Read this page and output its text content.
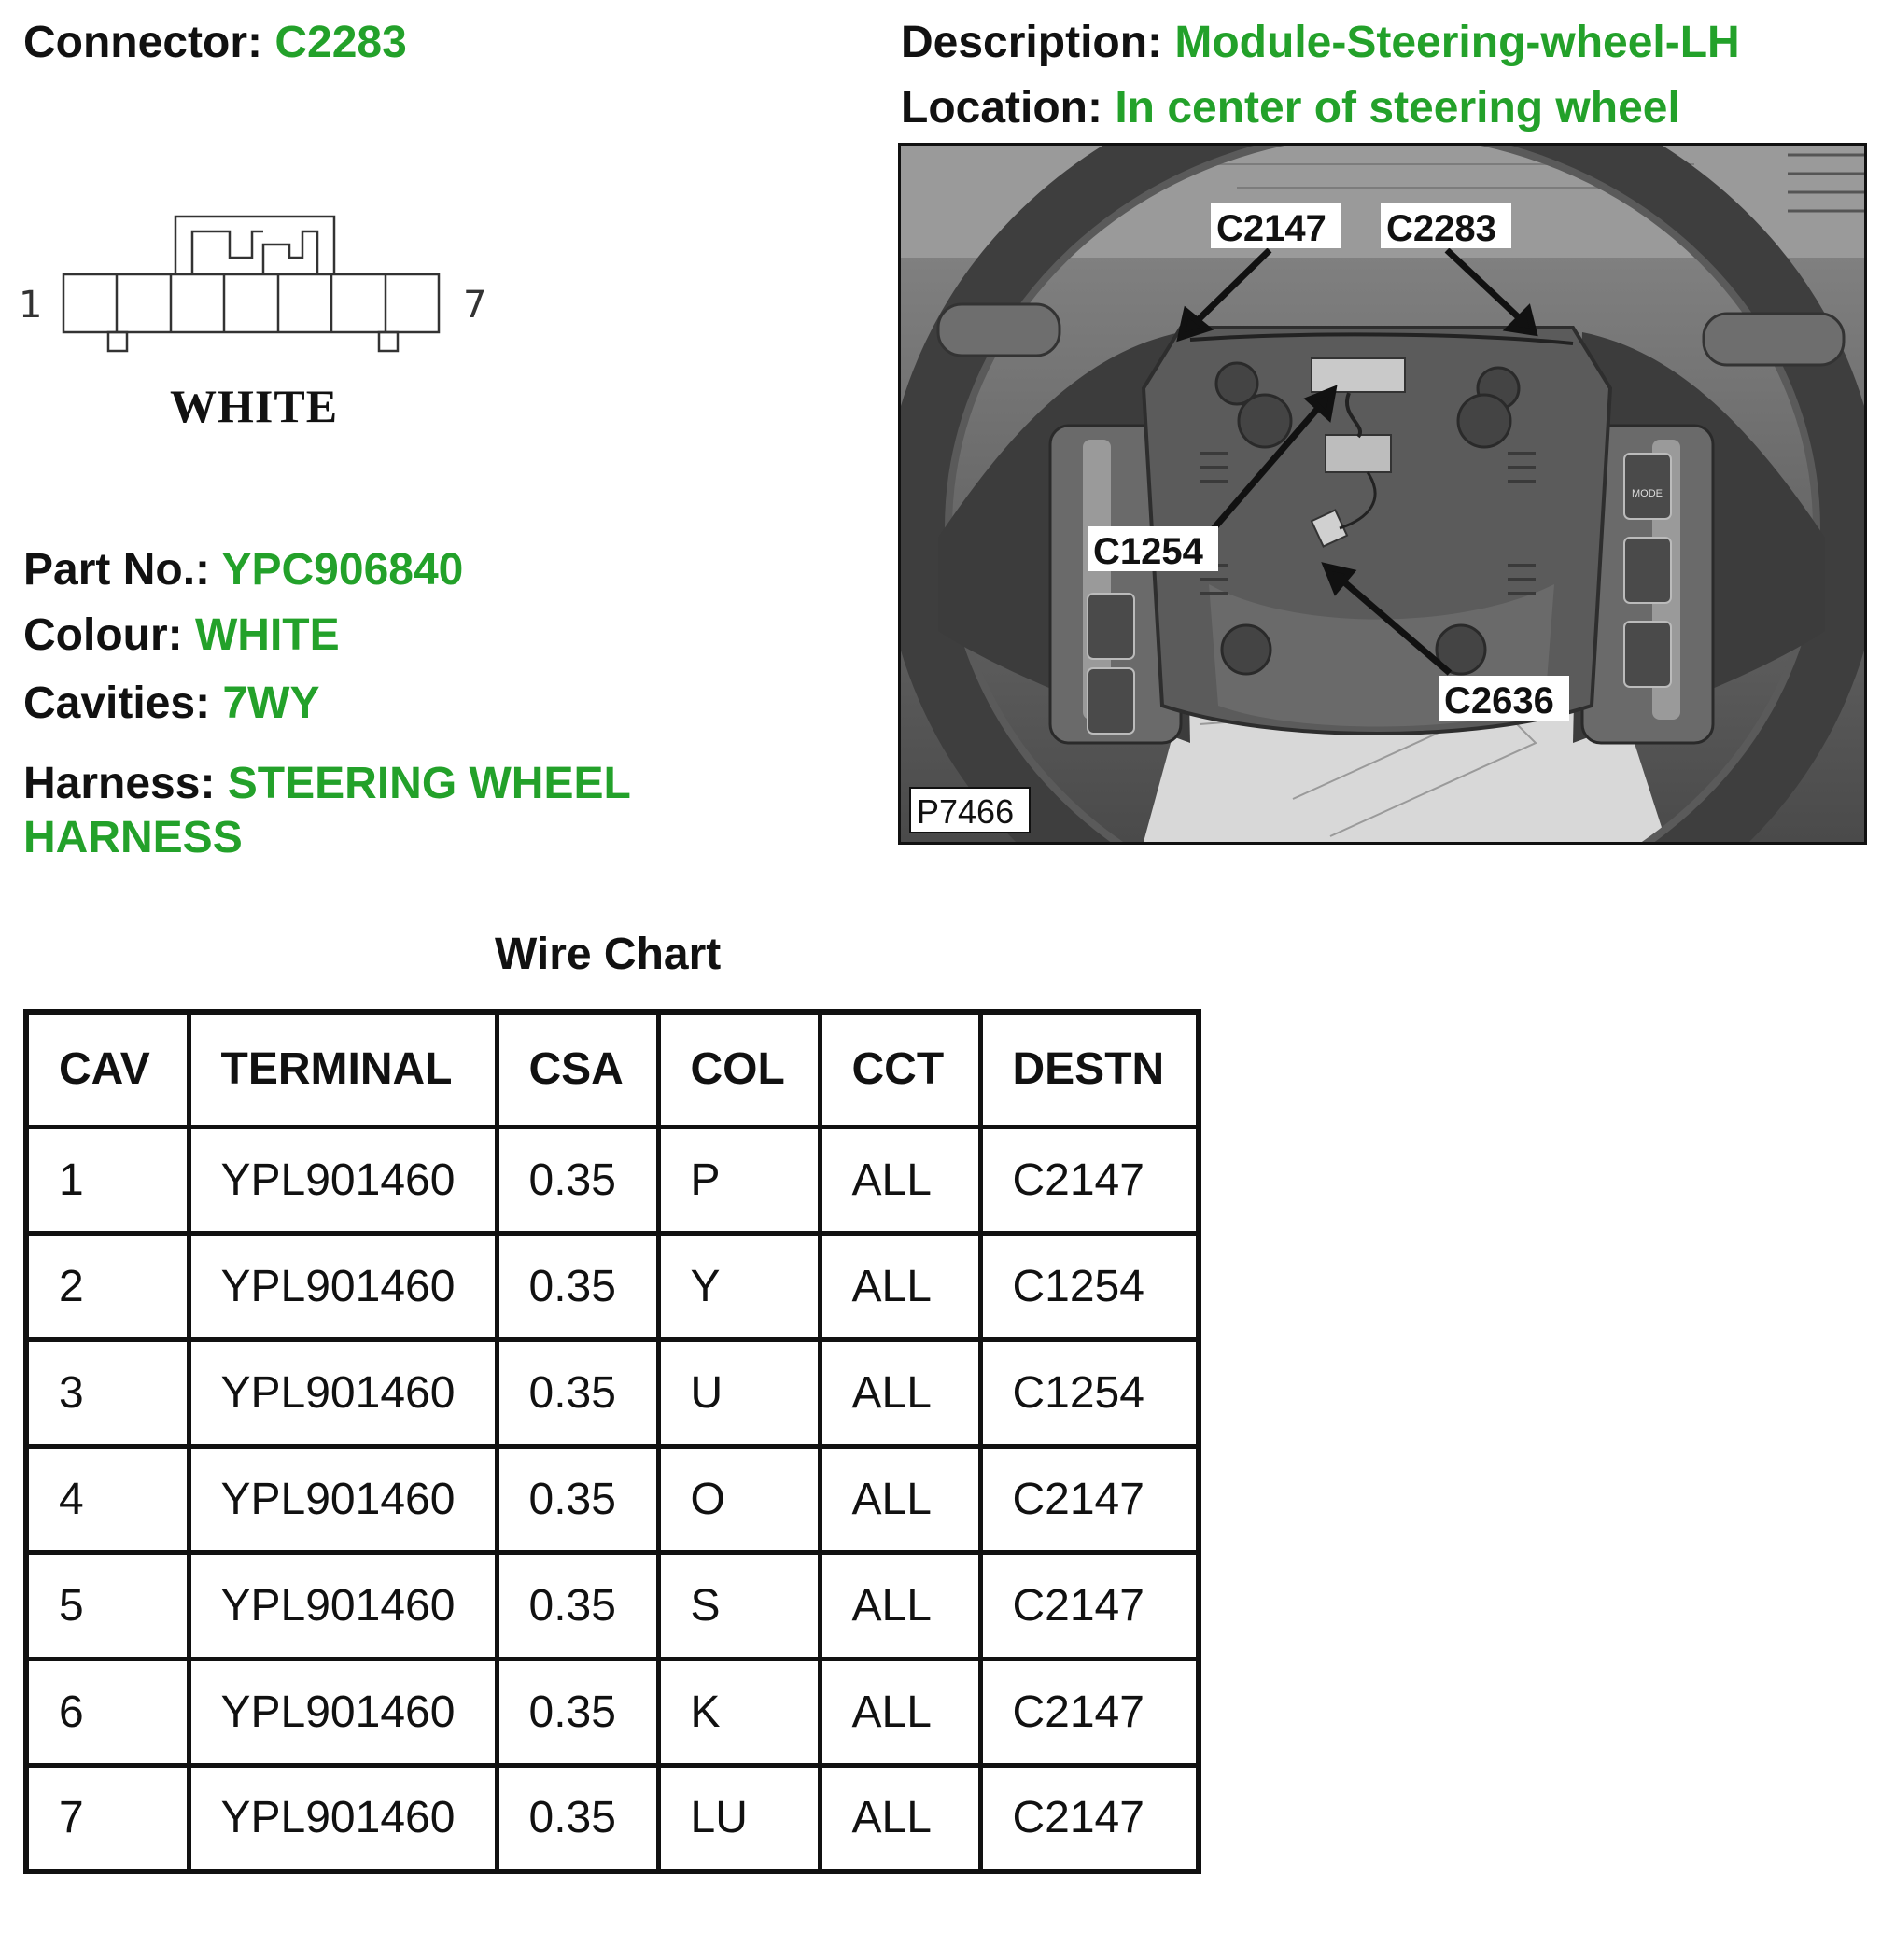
Connector: C2283	Description: Module-Steering-wheel-LH
Location: In center of steering wheel
1	7
WHITE
Part No.: YPC906840
Colour: WHITE
Cavities: 7WY
Harness: STEERING WHEEL
HARNESS
MODE
C2147 C2283
C1254
C2636
P7466
Wire Chart
CAV	TERMINAL	CSA	COL	CCT	DESTN
1	YPL901460	0.35	P	ALL	C2147
2	YPL901460	0.35	Y	ALL	C1254
3	YPL901460	0.35	U	ALL	C1254
4	YPL901460	0.35	O	ALL	C2147
5	YPL901460	0.35	S	ALL	C2147
6	YPL901460	0.35	K	ALL	C2147
7	YPL901460	0.35	LU	ALL	C2147
